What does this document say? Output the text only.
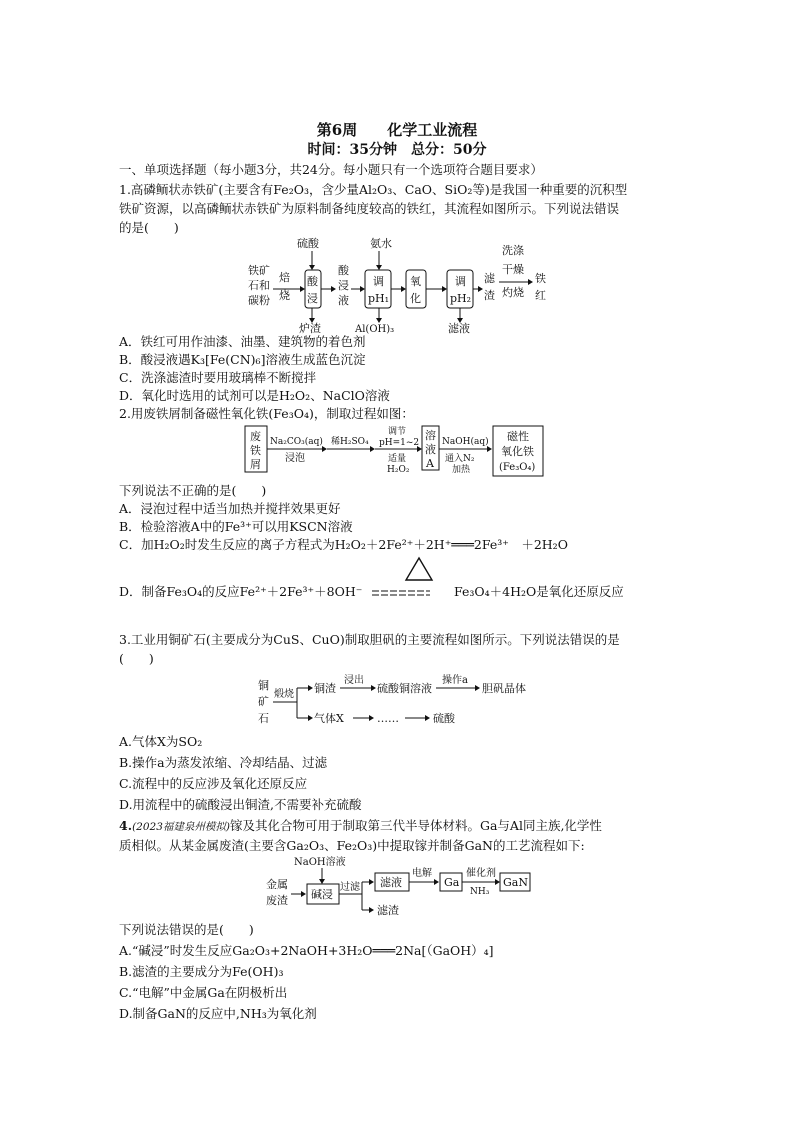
第6周　　化学工业流程
时间：35分钟　总分：50分
一、单项选择题（每小题3分，共24分。每小题只有一个选项符合题目要求）
1.高磷鲕状赤铁矿(主要含有Fe₂O₃，含少量Al₂O₃、CaO、SiO₂等)是我国一种重要的沉积型
铁矿资源，以高磷鲕状赤铁矿为原料制备纯度较高的铁红，其流程如图所示。下列说法错误
的是(　　)
铁矿
石和
碳粉
焙
烧
硫酸
酸
浸
炉渣
酸
浸
液
氨水
调
pH₁
Al(OH)₃
氧
化
调
pH₂
滤液
滤
渣
洗涤
干燥
灼烧
铁
红
A．铁红可用作油漆、油墨、建筑物的着色剂
B．酸浸液遇K₃[Fe(CN)₆]溶液生成蓝色沉淀
C．洗涤滤渣时要用玻璃棒不断搅拌
D．氧化时选用的试剂可以是H₂O₂、NaClO溶液
2.用废铁屑制备磁性氧化铁(Fe₃O₄)，制取过程如图：
废
铁
屑
Na₂CO₃(aq)
浸泡
稀H₂SO₄
调节
pH=1~2
适量
H₂O₂
溶
液
A
NaOH(aq)
通入N₂
加热
磁性
氧化铁
(Fe₃O₄)
下列说法不正确的是(　　)
A．浸泡过程中适当加热并搅拌效果更好
B．检验溶液A中的Fe³⁺可以用KSCN溶液
C．加H₂O₂时发生反应的离子方程式为H₂O₂＋2Fe²⁺＋2H⁺═══2Fe³⁺　＋2H₂O
D．制备Fe₃O₄的反应Fe²⁺＋2Fe³⁺＋8OH⁻	Fe₃O₄＋4H₂O是氧化还原反应
3.工业用铜矿石(主要成分为CuS、CuO)制取胆矾的主要流程如图所示。下列说法错误的是
(　　)
铜
矿
石
煅烧 铜渣
浸出
硫酸铜溶液
操作a
胆矾晶体
气体X	……	硫酸
A.气体X为SO₂
B.操作a为蒸发浓缩、冷却结晶、过滤
C.流程中的反应涉及氧化还原反应
D.用流程中的硫酸浸出铜渣,不需要补充硫酸
4.(2023福建泉州模拟)镓及其化合物可用于制取第三代半导体材料。Ga与Al同主族,化学性
质相似。从某金属废渣(主要含Ga₂O₃、Fe₂O₃)中提取镓并制备GaN的工艺流程如下:
金属
废渣
NaOH溶液
碱浸
过滤 滤液
电解
Ga
催化剂
NH₃
GaN
滤渣
下列说法错误的是(　　)
A.“碱浸”时发生反应Ga₂O₃+2NaOH+3H₂O═══2Na[（GaOH）₄]
B.滤渣的主要成分为Fe(OH)₃
C.“电解”中金属Ga在阴极析出
D.制备GaN的反应中,NH₃为氧化剂
